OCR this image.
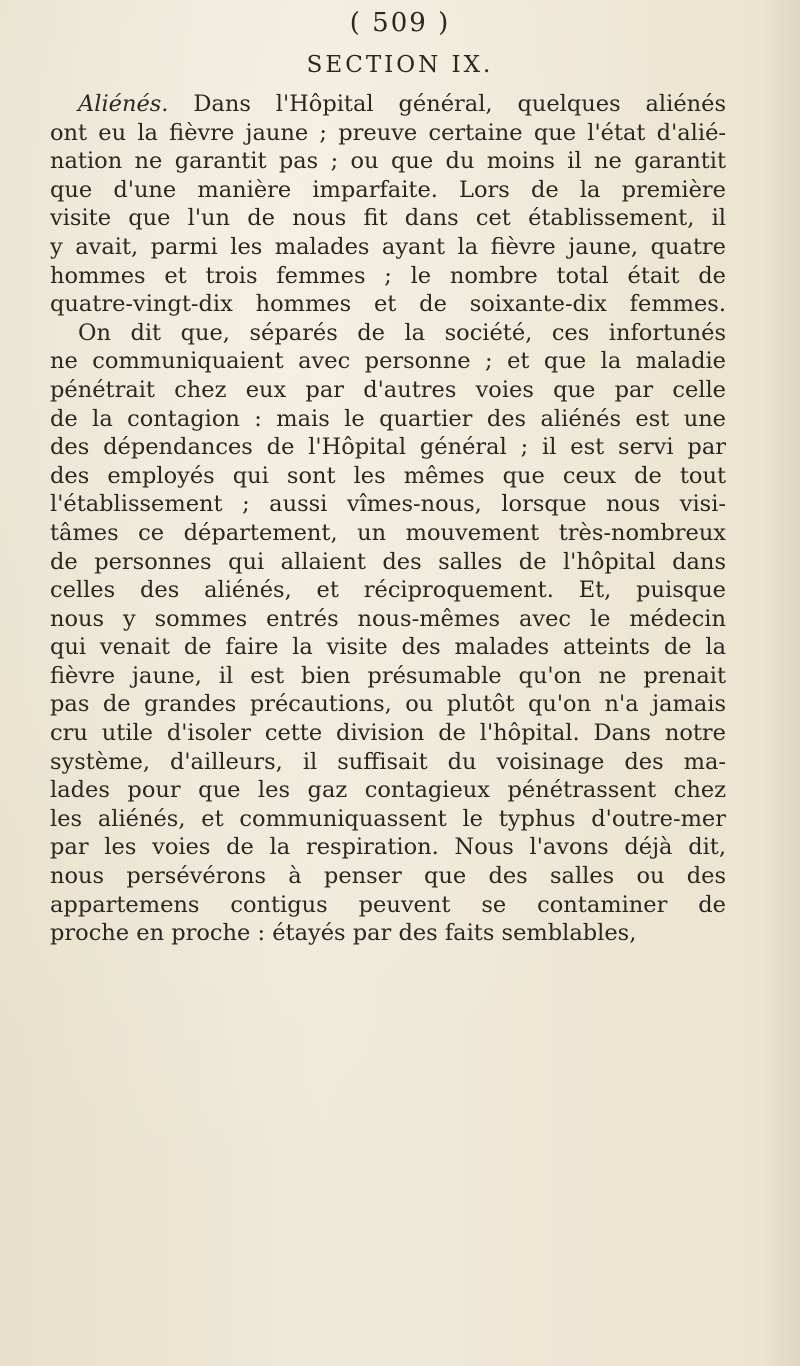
( 509 )
SECTION IX.
Aliénés. Dans l'Hôpital général, quelques aliénés
ont eu la fièvre jaune ; preuve certaine que l'état d'alié-
nation ne garantit pas ; ou que du moins il ne garantit
que d'une manière imparfaite. Lors de la première
visite que l'un de nous fit dans cet établissement, il
y avait, parmi les malades ayant la fièvre jaune, quatre
hommes et trois femmes ; le nombre total était de
quatre-vingt-dix hommes et de soixante-dix femmes.
On dit que, séparés de la société, ces infortunés
ne communiquaient avec personne ; et que la maladie
pénétrait chez eux par d'autres voies que par celle
de la contagion : mais le quartier des aliénés est une
des dépendances de l'Hôpital général ; il est servi par
des employés qui sont les mêmes que ceux de tout
l'établissement ; aussi vîmes-nous, lorsque nous visi-
tâmes ce département, un mouvement très-nombreux
de personnes qui allaient des salles de l'hôpital dans
celles des aliénés, et réciproquement. Et, puisque
nous y sommes entrés nous-mêmes avec le médecin
qui venait de faire la visite des malades atteints de la
fièvre jaune, il est bien présumable qu'on ne prenait
pas de grandes précautions, ou plutôt qu'on n'a jamais
cru utile d'isoler cette division de l'hôpital. Dans notre
système, d'ailleurs, il suffisait du voisinage des ma-
lades pour que les gaz contagieux pénétrassent chez
les aliénés, et communiquassent le typhus d'outre-mer
par les voies de la respiration. Nous l'avons déjà dit,
nous persévérons à penser que des salles ou des
appartemens contigus peuvent se contaminer de
proche en proche : étayés par des faits semblables,
